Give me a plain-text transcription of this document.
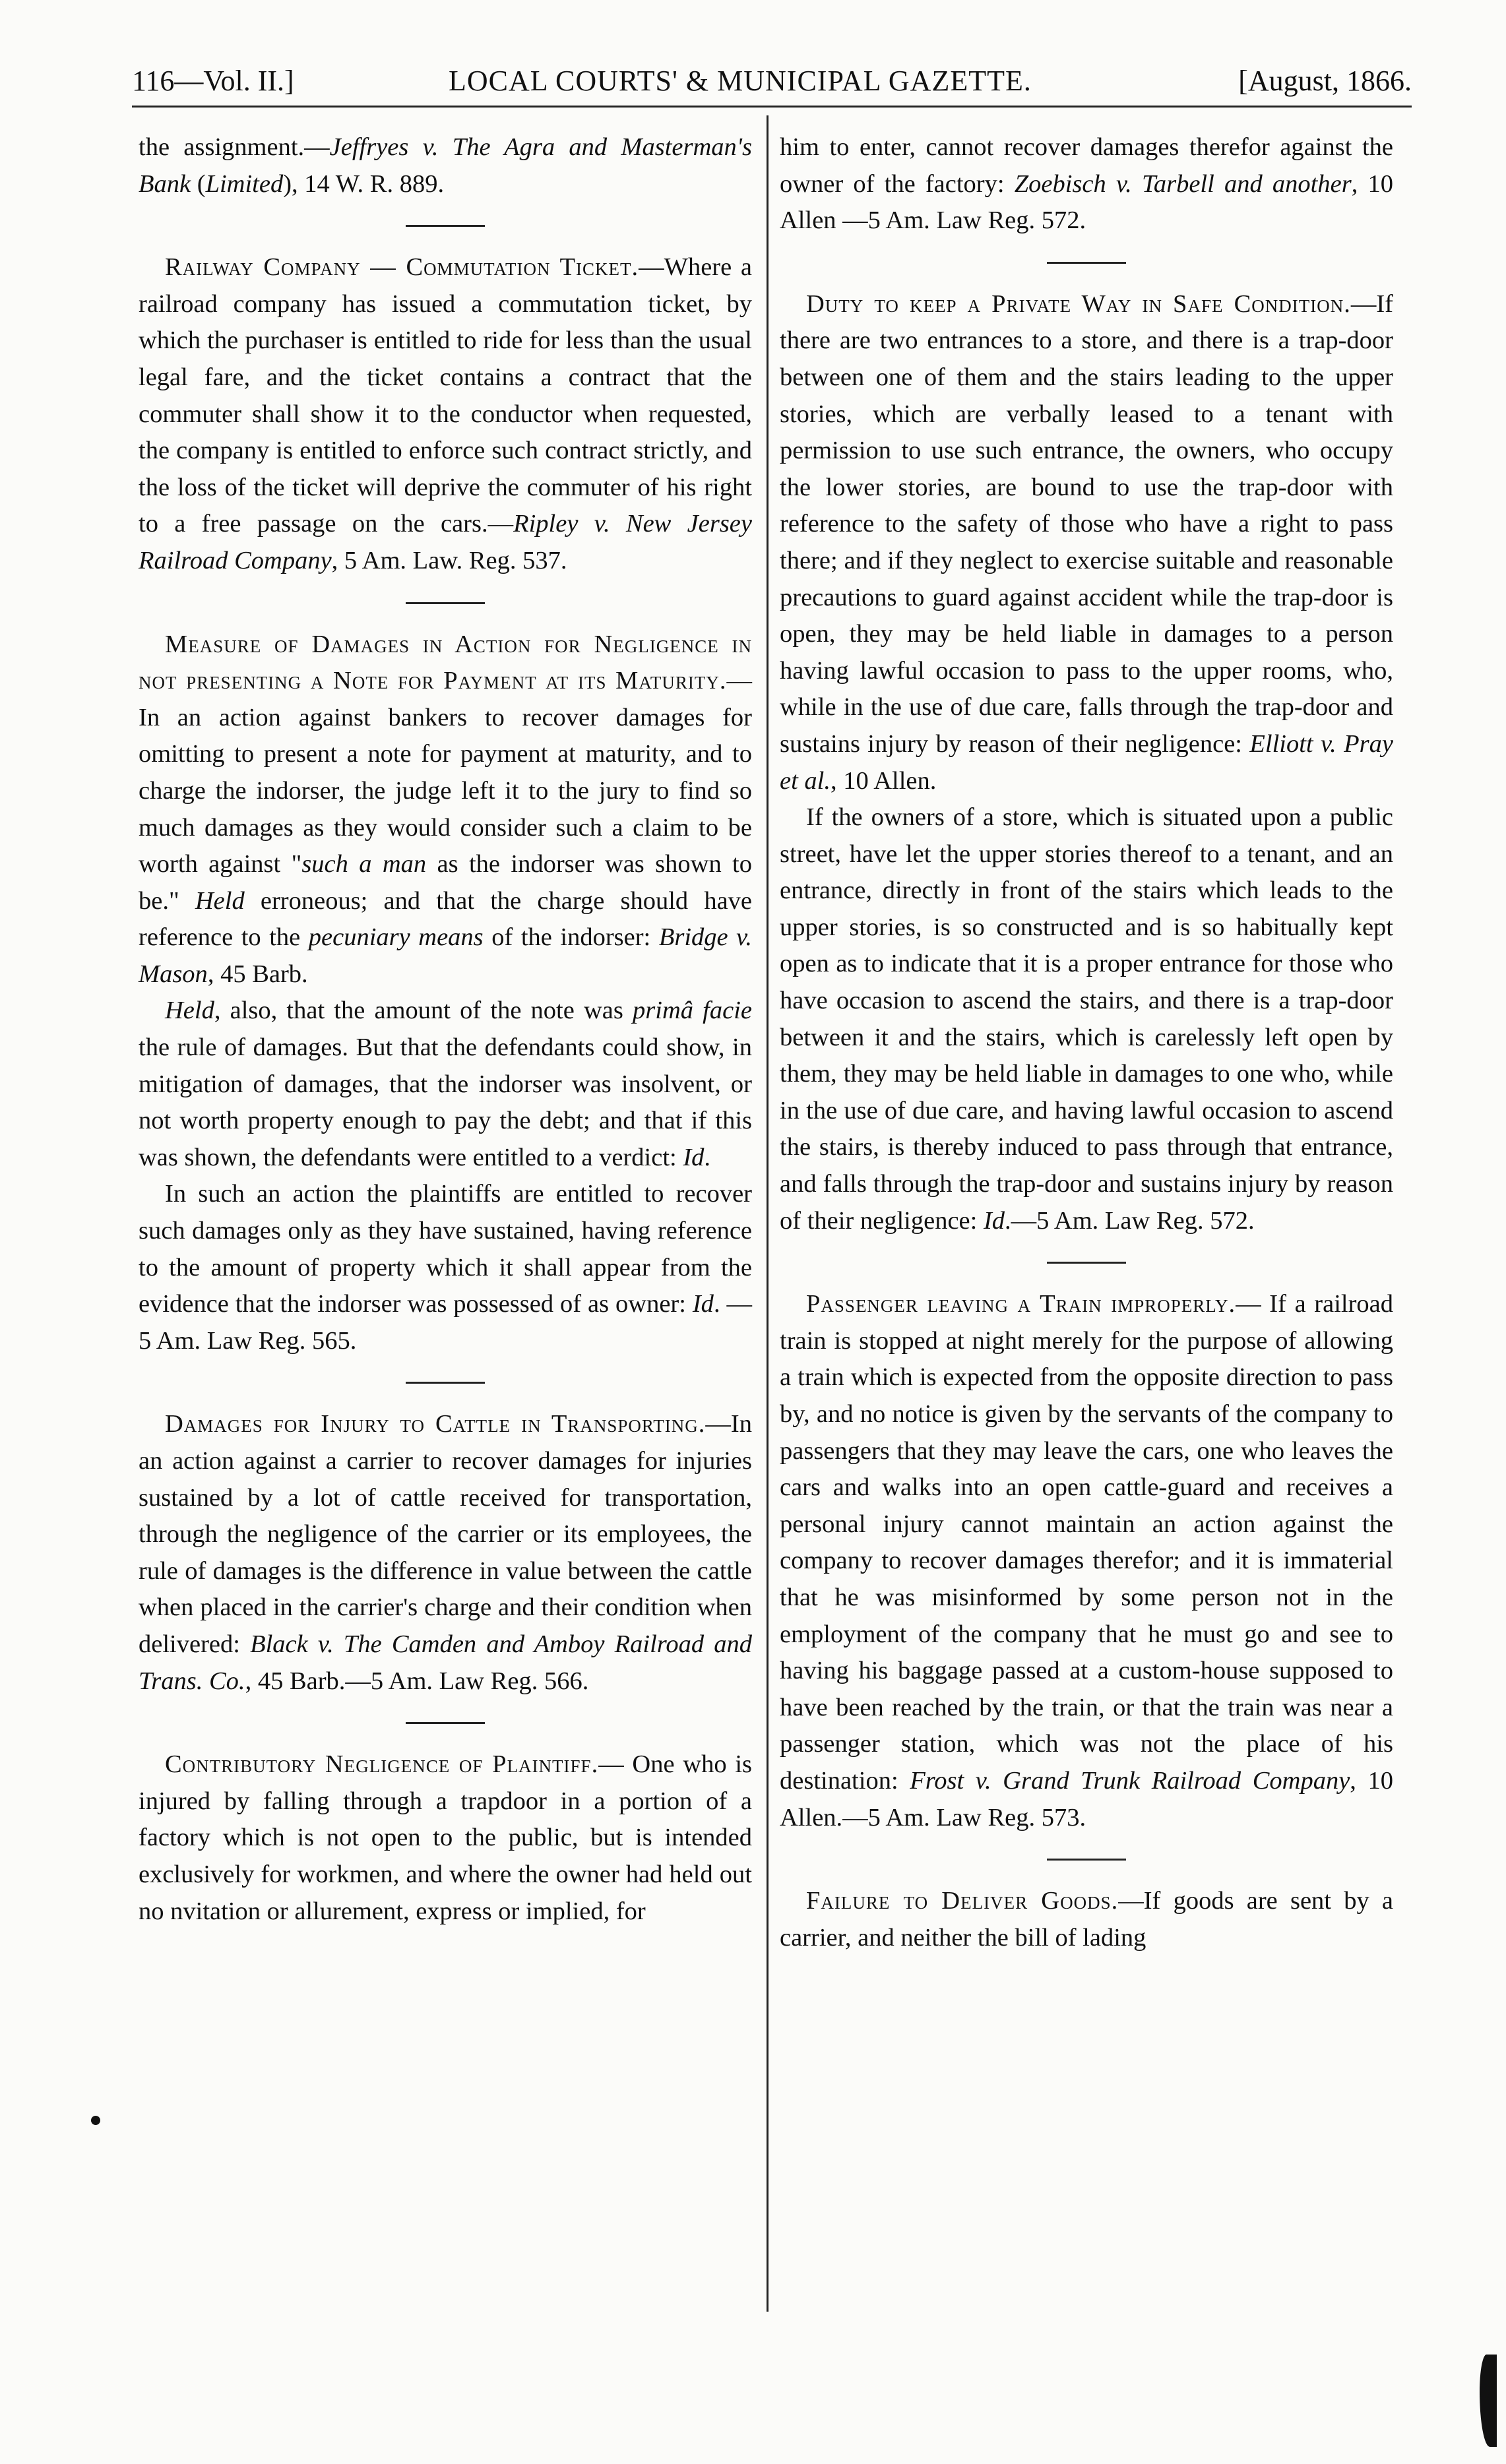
116—Vol. II.]	LOCAL COURTS' & MUNICIPAL GAZETTE.	[August, 1866.

the assignment.—Jeffryes v. The Agra and Masterman's Bank (Limited), 14 W. R. 889.

Railway Company — Commutation Ticket.—Where a railroad company has issued a commutation ticket, by which the purchaser is entitled to ride for less than the usual legal fare, and the ticket contains a contract that the commuter shall show it to the conductor when requested, the company is entitled to enforce such contract strictly, and the loss of the ticket will deprive the commuter of his right to a free passage on the cars.—Ripley v. New Jersey Railroad Company, 5 Am. Law. Reg. 537.

Measure of Damages in Action for Negligence in not presenting a Note for Payment at its Maturity.—In an action against bankers to recover damages for omitting to present a note for payment at maturity, and to charge the indorser, the judge left it to the jury to find so much damages as they would consider such a claim to be worth against "such a man as the indorser was shown to be." Held erroneous; and that the charge should have reference to the pecuniary means of the indorser: Bridge v. Mason, 45 Barb.

Held, also, that the amount of the note was primâ facie the rule of damages. But that the defendants could show, in mitigation of damages, that the indorser was insolvent, or not worth property enough to pay the debt; and that if this was shown, the defendants were entitled to a verdict: Id.

In such an action the plaintiffs are entitled to recover such damages only as they have sustained, having reference to the amount of property which it shall appear from the evidence that the indorser was possessed of as owner: Id. —5 Am. Law Reg. 565.

Damages for Injury to Cattle in Transporting.—In an action against a carrier to recover damages for injuries sustained by a lot of cattle received for transportation, through the negligence of the carrier or its employees, the rule of damages is the difference in value between the cattle when placed in the carrier's charge and their condition when delivered: Black v. The Camden and Amboy Railroad and Trans. Co., 45 Barb.—5 Am. Law Reg. 566.

Contributory Negligence of Plaintiff.— One who is injured by falling through a trapdoor in a portion of a factory which is not open to the public, but is intended exclusively for workmen, and where the owner had held out no nvitation or allurement, express or implied, for

him to enter, cannot recover damages therefor against the owner of the factory: Zoebisch v. Tarbell and another, 10 Allen —5 Am. Law Reg. 572.

Duty to keep a Private Way in Safe Condition.—If there are two entrances to a store, and there is a trap-door between one of them and the stairs leading to the upper stories, which are verbally leased to a tenant with permission to use such entrance, the owners, who occupy the lower stories, are bound to use the trap-door with reference to the safety of those who have a right to pass there; and if they neglect to exercise suitable and reasonable precautions to guard against accident while the trap-door is open, they may be held liable in damages to a person having lawful occasion to pass to the upper rooms, who, while in the use of due care, falls through the trap-door and sustains injury by reason of their negligence: Elliott v. Pray et al., 10 Allen.

If the owners of a store, which is situated upon a public street, have let the upper stories thereof to a tenant, and an entrance, directly in front of the stairs which leads to the upper stories, is so constructed and is so habitually kept open as to indicate that it is a proper entrance for those who have occasion to ascend the stairs, and there is a trap-door between it and the stairs, which is carelessly left open by them, they may be held liable in damages to one who, while in the use of due care, and having lawful occasion to ascend the stairs, is thereby induced to pass through that entrance, and falls through the trap-door and sustains injury by reason of their negligence: Id.—5 Am. Law Reg. 572.

Passenger leaving a Train improperly.— If a railroad train is stopped at night merely for the purpose of allowing a train which is expected from the opposite direction to pass by, and no notice is given by the servants of the company to passengers that they may leave the cars, one who leaves the cars and walks into an open cattle-guard and receives a personal injury cannot maintain an action against the company to recover damages therefor; and it is immaterial that he was misinformed by some person not in the employment of the company that he must go and see to having his baggage passed at a custom-house supposed to have been reached by the train, or that the train was near a passenger station, which was not the place of his destination: Frost v. Grand Trunk Railroad Company, 10 Allen.—5 Am. Law Reg. 573.

Failure to Deliver Goods.—If goods are sent by a carrier, and neither the bill of lading
